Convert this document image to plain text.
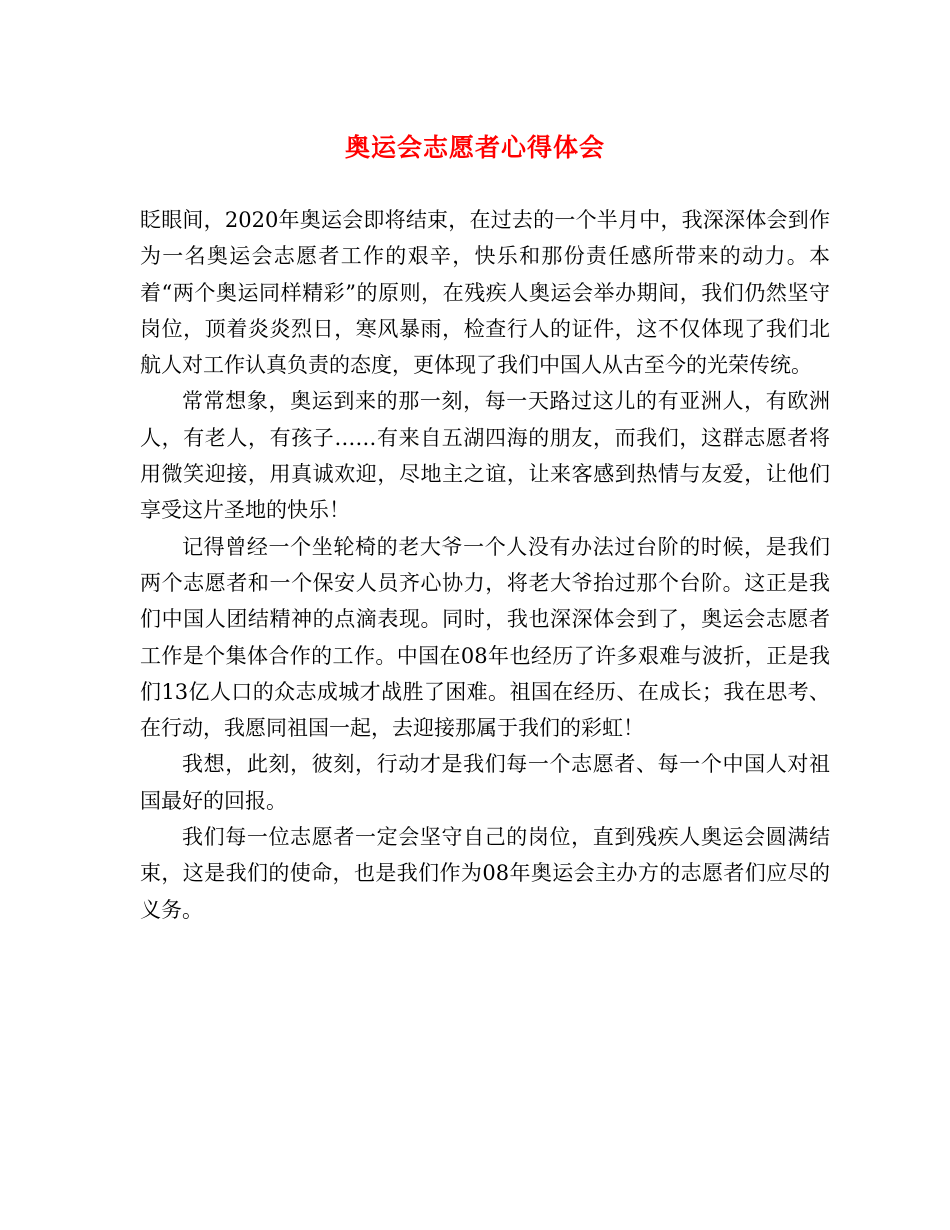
奥运会志愿者心得体会

眨眼间，2020年奥运会即将结束，在过去的一个半月中，我深深体会到作为一名奥运会志愿者工作的艰辛，快乐和那份责任感所带来的动力。本着“两个奥运同样精彩”的原则，在残疾人奥运会举办期间，我们仍然坚守岗位，顶着炎炎烈日，寒风暴雨，检查行人的证件，这不仅体现了我们北航人对工作认真负责的态度，更体现了我们中国人从古至今的光荣传统。

常常想象，奥运到来的那一刻，每一天路过这儿的有亚洲人，有欧洲人，有老人，有孩子……有来自五湖四海的朋友，而我们，这群志愿者将用微笑迎接，用真诚欢迎，尽地主之谊，让来客感到热情与友爱，让他们享受这片圣地的快乐！

记得曾经一个坐轮椅的老大爷一个人没有办法过台阶的时候，是我们两个志愿者和一个保安人员齐心协力，将老大爷抬过那个台阶。这正是我们中国人团结精神的点滴表现。同时，我也深深体会到了，奥运会志愿者工作是个集体合作的工作。中国在08年也经历了许多艰难与波折，正是我们13亿人口的众志成城才战胜了困难。祖国在经历、在成长；我在思考、在行动，我愿同祖国一起，去迎接那属于我们的彩虹！

我想，此刻，彼刻，行动才是我们每一个志愿者、每一个中国人对祖国最好的回报。

我们每一位志愿者一定会坚守自己的岗位，直到残疾人奥运会圆满结束，这是我们的使命，也是我们作为08年奥运会主办方的志愿者们应尽的义务。
